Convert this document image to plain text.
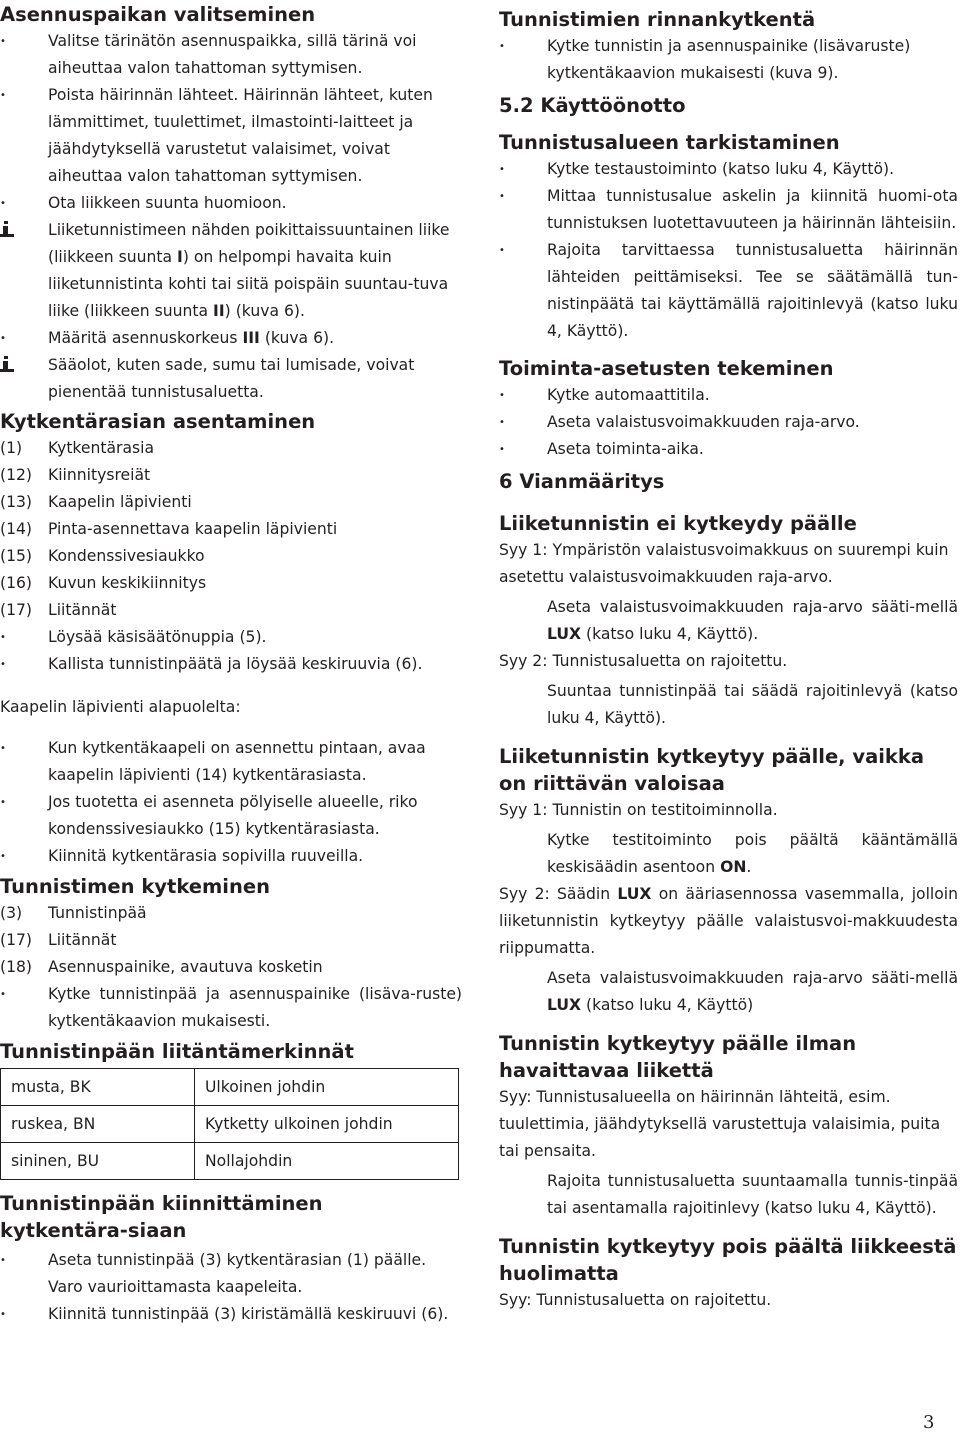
Asennuspaikan valitseminen
• Valitse tärinätön asennuspaikka, sillä tärinä voi aiheuttaa valon tahattoman syttymisen.
• Poista häirinnän lähteet. Häirinnän lähteet, kuten lämmittimet, tuulettimet, ilmastointi-laitteet ja jäähdytyksellä varustetut valaisimet, voivat aiheuttaa valon tahattoman syttymisen.
• Ota liikkeen suunta huomioon.

Liiketunnistimeen nähden poikittaissuuntainen liike (liikkeen suunta I) on helpompi havaita kuin liiketunnistinta kohti tai siitä poispäin suuntau-tuva liike (liikkeen suunta II) (kuva 6).

• Määritä asennuskorkeus III (kuva 6).

Sääolot, kuten sade, sumu tai lumisade, voivat pienentää tunnistusaluetta.

Kytkentärasian asentaminen

(1)	Kytkentärasia

(12)	Kiinnitysreiät

(13)	Kaapelin läpivienti

(14)	Pinta-asennettava kaapelin läpivienti

(15)	Kondenssivesiaukko

(16)	Kuvun keskikiinnitys

(17)	Liitännät

• Löysää käsisäätönuppia (5).
• Kallista tunnistinpäätä ja löysää keskiruuvia (6).

Kaapelin läpivienti alapuolelta:

• Kun kytkentäkaapeli on asennettu pintaan, avaa kaapelin läpivienti (14) kytkentärasiasta.
• Jos tuotetta ei asenneta pölyiselle alueelle, riko kondenssivesiaukko (15) kytkentärasiasta.
• Kiinnitä kytkentärasia sopivilla ruuveilla.
Tunnistimen kytkeminen

(3)	Tunnistinpää

(17)	Liitännät

(18)	Asennuspainike, avautuva kosketin

• Kytke tunnistinpää ja asennuspainike (lisäva-ruste) kytkentäkaavion mukaisesti.
Tunnistinpään liitäntämerkinnät
musta, BK	Ulkoinen johdin
ruskea, BN	Kytketty ulkoinen johdin
sininen, BU	Nollajohdin
Tunnistinpään kiinnittäminen kytkentära-siaan
• Aseta tunnistinpää (3) kytkentärasian (1) päälle. Varo vaurioittamasta kaapeleita.
• Kiinnitä tunnistinpää (3) kiristämällä keskiruuvi (6).
Tunnistimien rinnankytkentä
• Kytke tunnistin ja asennuspainike (lisävaruste) kytkentäkaavion mukaisesti (kuva 9).
5.2 Käyttöönotto
Tunnistusalueen tarkistaminen
• Kytke testaustoiminto (katso luku 4, Käyttö).
• Mittaa tunnistusalue askelin ja kiinnitä huomi-ota tunnistuksen luotettavuuteen ja häirinnän lähteisiin.
• Rajoita tarvittaessa tunnistusaluetta häirinnän lähteiden peittämiseksi. Tee se säätämällä tun-nistinpäätä tai käyttämällä rajoitinlevyä (katso luku 4, Käyttö).
Toiminta-asetusten tekeminen
• Kytke automaattitila.
• Aseta valaistusvoimakkuuden raja-arvo.
• Aseta toiminta-aika.
6 Vianmääritys
Liiketunnistin ei kytkeydy päälle

Syy 1: Ympäristön valaistusvoimakkuus on suurempi kuin asetettu valaistusvoimakkuuden raja-arvo.

Aseta valaistusvoimakkuuden raja-arvo sääti-mellä LUX (katso luku 4, Käyttö).

Syy 2: Tunnistusaluetta on rajoitettu.

Suuntaa tunnistinpää tai säädä rajoitinlevyä (katso luku 4, Käyttö).

Liiketunnistin kytkeytyy päälle, vaikka on riittävän valoisaa

Syy 1: Tunnistin on testitoiminnolla.

Kytke testitoiminto pois päältä kääntämällä keskisäädin asentoon ON.

Syy 2: Säädin LUX on ääriasennossa vasemmalla, jolloin liiketunnistin kytkeytyy päälle valaistusvoi-makkuudesta riippumatta.

Aseta valaistusvoimakkuuden raja-arvo sääti-mellä LUX (katso luku 4, Käyttö)

Tunnistin kytkeytyy päälle ilman havaittavaa liikettä

Syy: Tunnistusalueella on häirinnän lähteitä, esim. tuulettimia, jäähdytyksellä varustettuja valaisimia, puita tai pensaita.

Rajoita tunnistusaluetta suuntaamalla tunnis-tinpää tai asentamalla rajoitinlevy (katso luku 4, Käyttö).

Tunnistin kytkeytyy pois päältä liikkeestä huolimatta

Syy: Tunnistusaluetta on rajoitettu.

3
